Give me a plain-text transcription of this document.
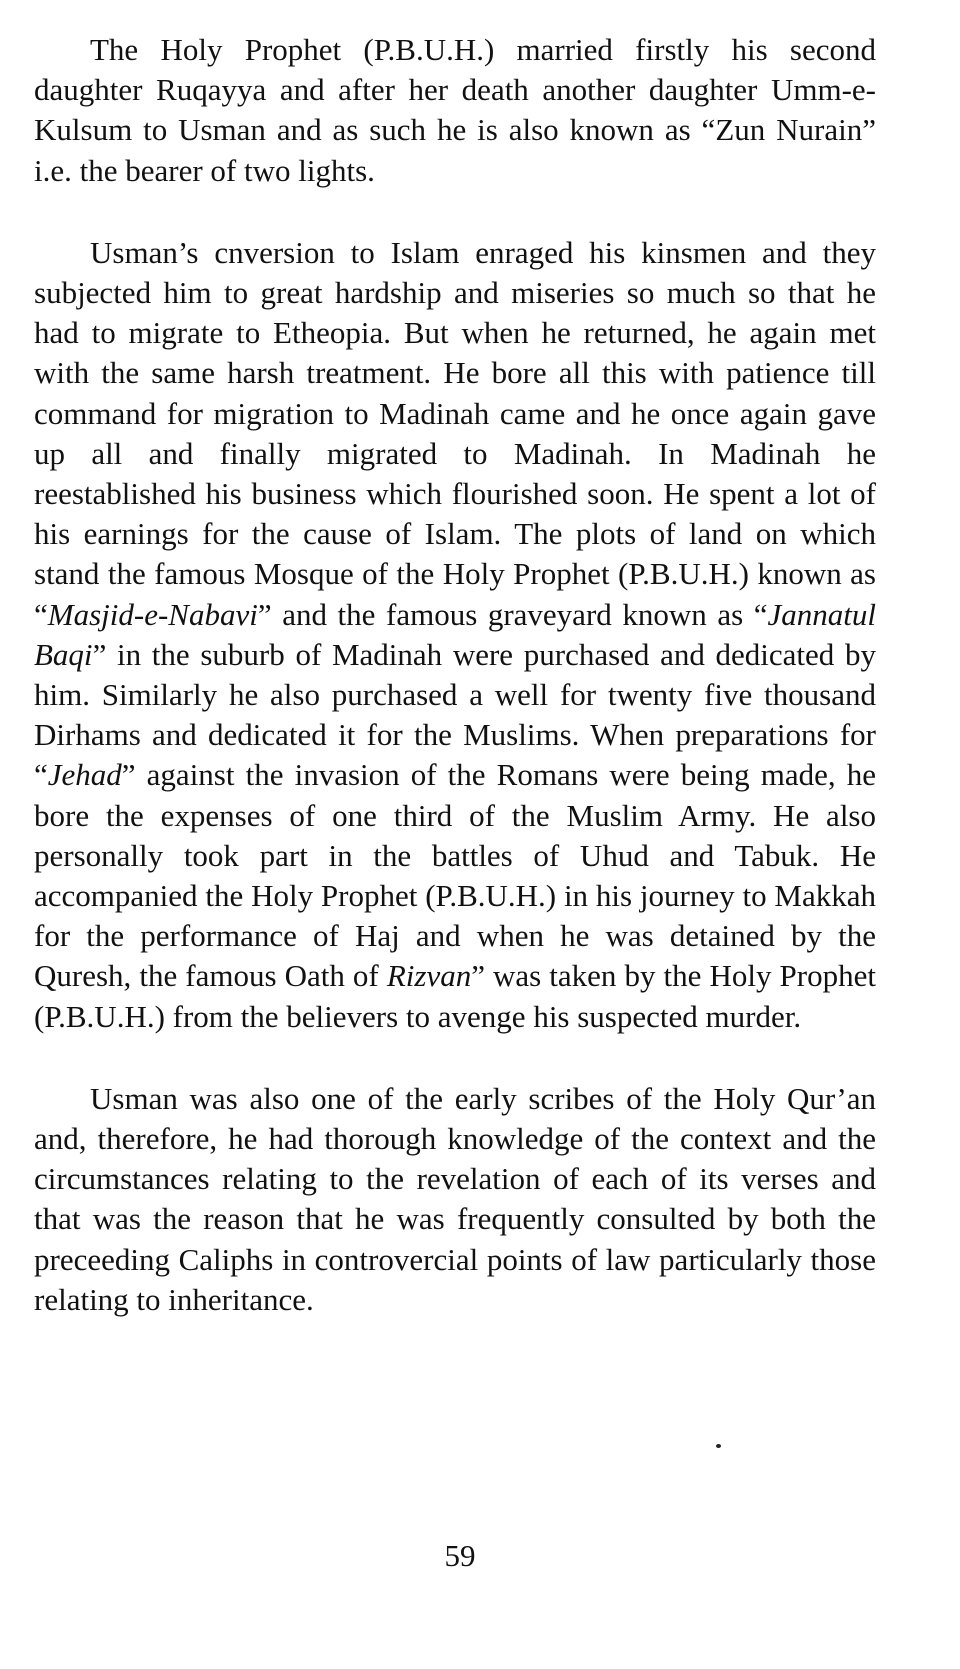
The Holy Prophet (P.B.U.H.) married firstly his second daughter Ruqayya and after her death another daughter Umm-e-Kulsum to Usman and as such he is also known as “Zun Nurain” i.e. the bearer of two lights.

Usman’s cnversion to Islam enraged his kinsmen and they subjected him to great hardship and miseries so much so that he had to migrate to Etheopia. But when he returned, he again met with the same harsh treatment. He bore all this with patience till command for migration to Madinah came and he once again gave up all and finally migrated to Madinah. In Madinah he reestablished his business which flourished soon. He spent a lot of his earnings for the cause of Islam. The plots of land on which stand the famous Mosque of the Holy Prophet (P.B.U.H.) known as “Masjid-e-Nabavi” and the famous graveyard known as “Jannatul Baqi” in the suburb of Madinah were purchased and dedicated by him. Similarly he also purchased a well for twenty five thousand Dirhams and dedicated it for the Muslims. When preparations for “Jehad” against the invasion of the Romans were being made, he bore the expenses of one third of the Muslim Army. He also personally took part in the battles of Uhud and Tabuk. He accompanied the Holy Prophet (P.B.U.H.) in his journey to Makkah for the performance of Haj and when he was detained by the Quresh, the famous Oath of Rizvan” was taken by the Holy Prophet (P.B.U.H.) from the believers to avenge his suspected murder.

Usman was also one of the early scribes of the Holy Qur’an and, therefore, he had thorough knowledge of the context and the circumstances relating to the revelation of each of its verses and that was the reason that he was frequently consulted by both the preceeding Caliphs in controvercial points of law particularly those relating to inheritance.

59
